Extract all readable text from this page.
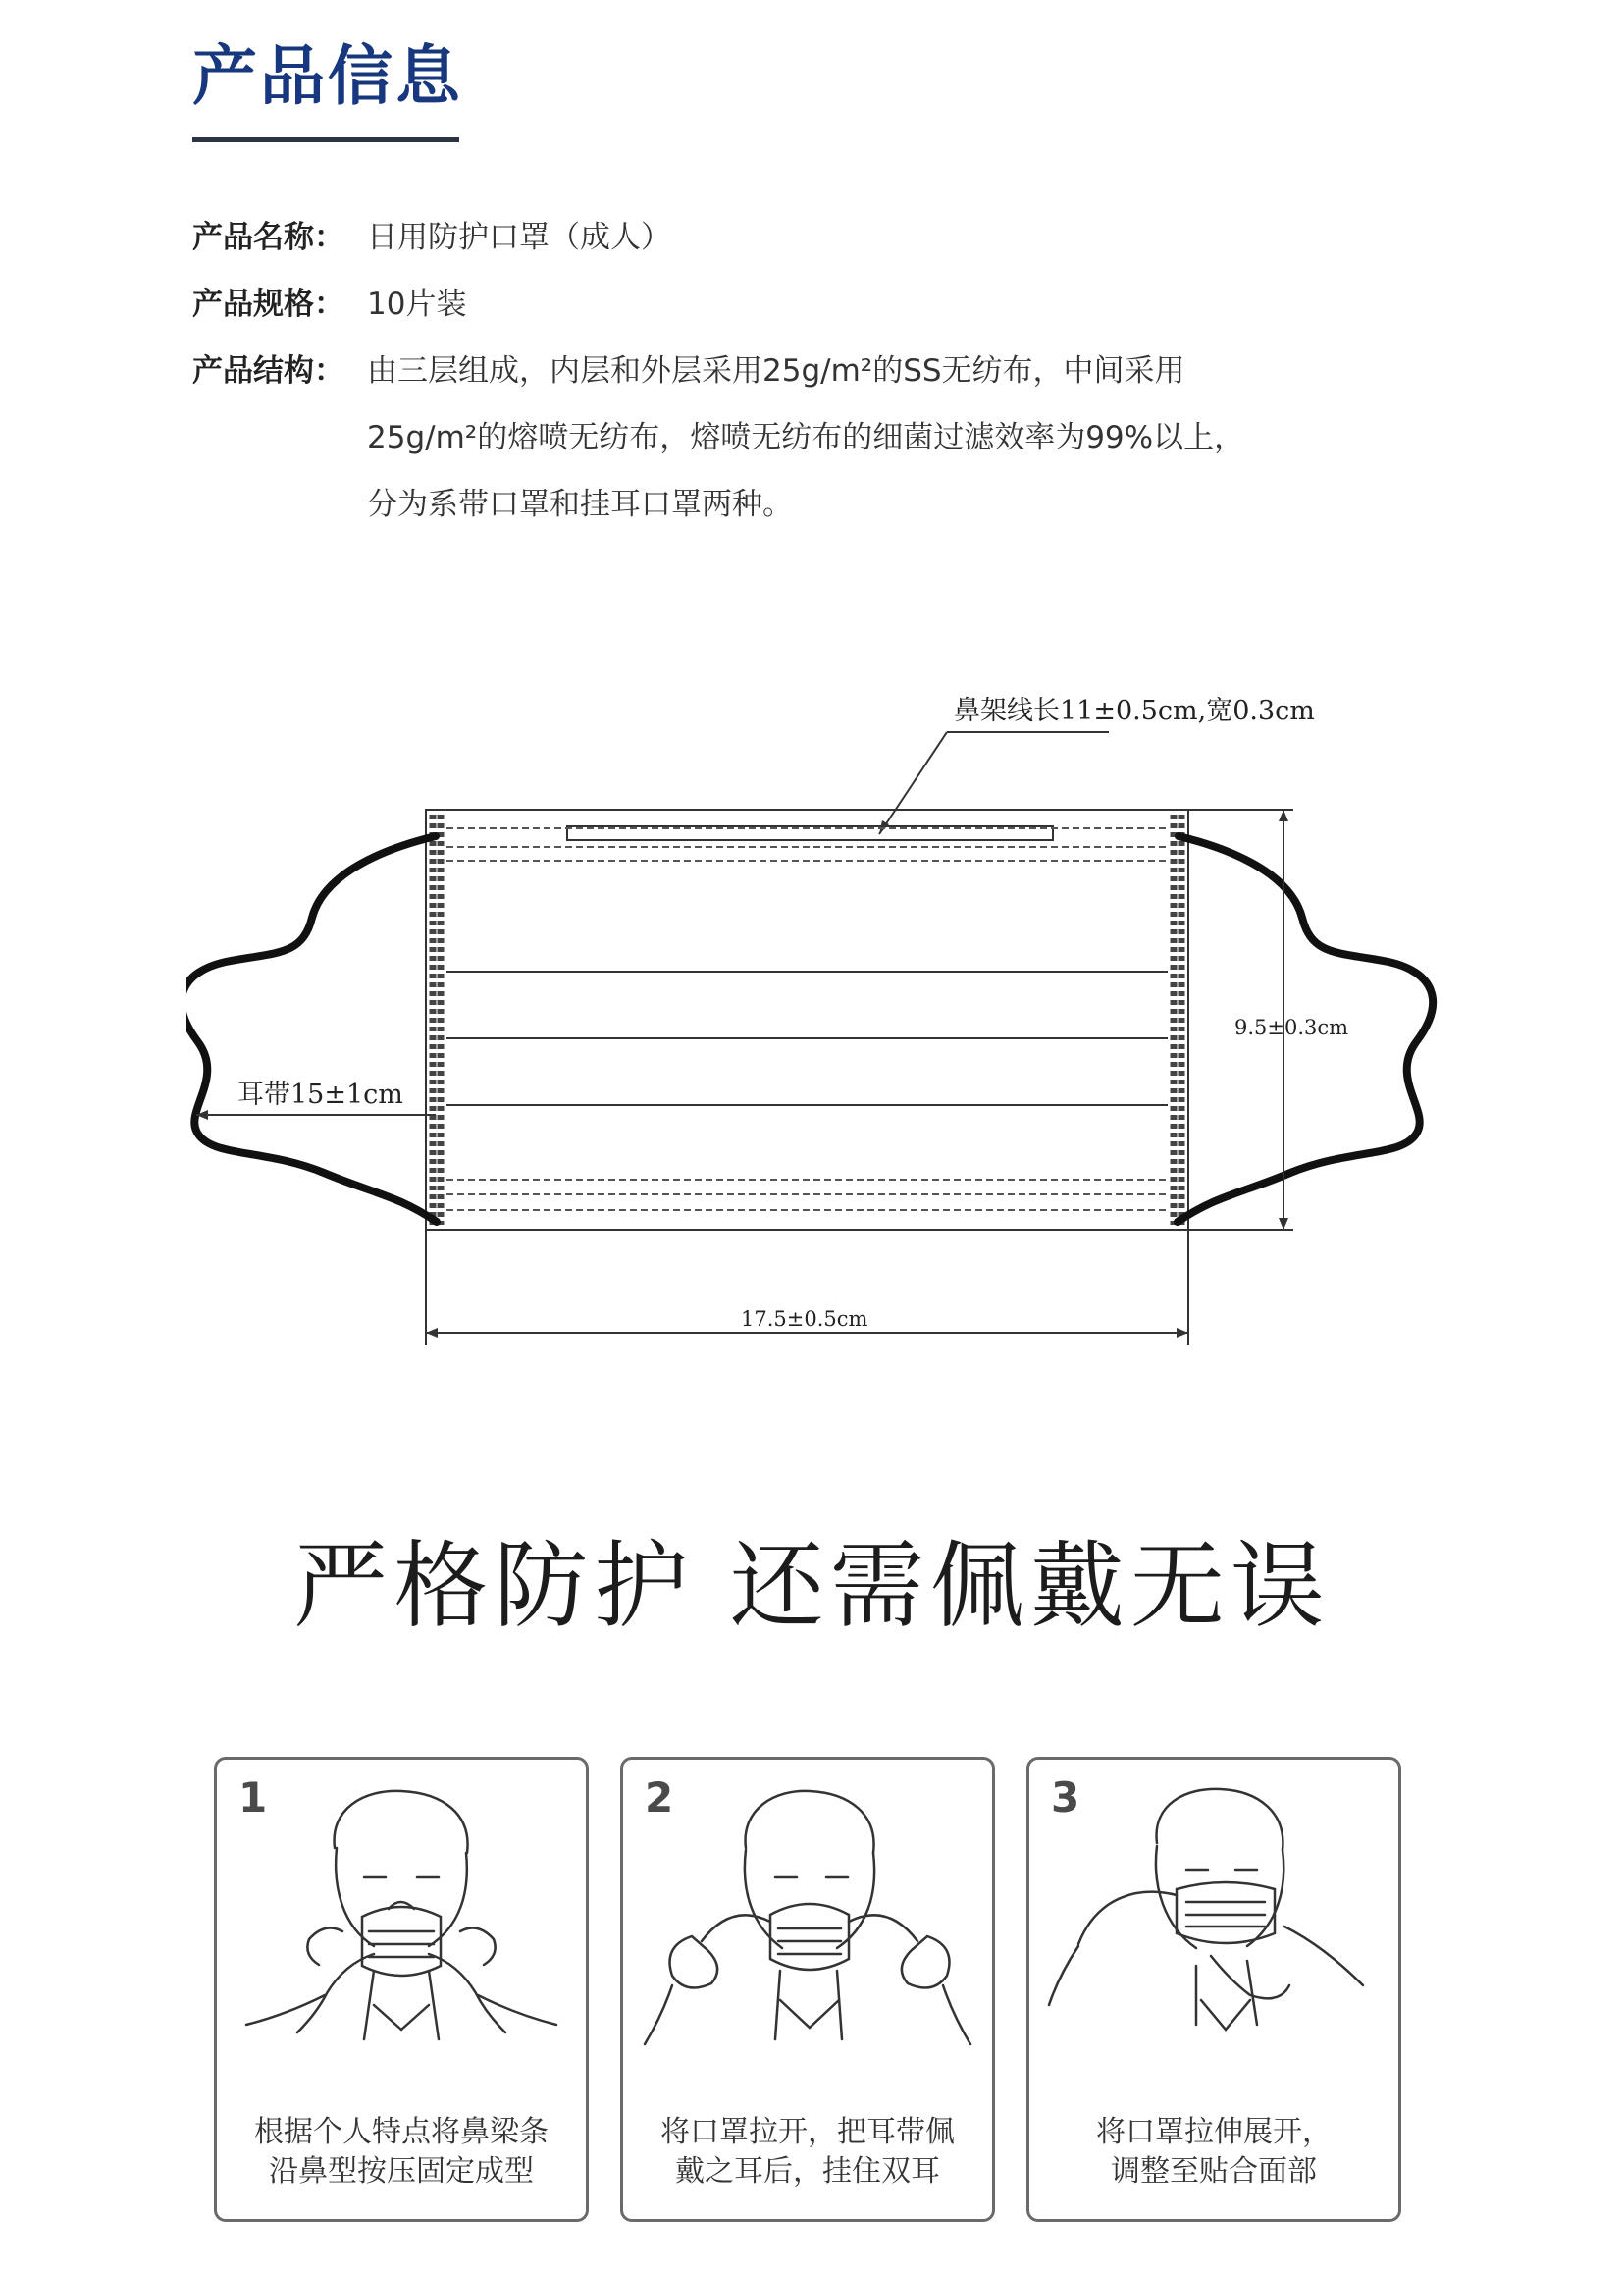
产品信息
产品名称： 日用防护口罩（成人）
产品规格： 10片装
产品结构： 由三层组成，内层和外层采用25g/m²的SS无纺布，中间采用
25g/m²的熔喷无纺布，熔喷无纺布的细菌过滤效率为99%以上，
分为系带口罩和挂耳口罩两种。
鼻架线长11±0.5cm,宽0.3cm
耳带15±1cm
9.5±0.3cm
17.5±0.5cm
严格防护 还需佩戴无误
1
根据个人特点将鼻梁条
沿鼻型按压固定成型
2
将口罩拉开，把耳带佩
戴之耳后，挂住双耳
3
将口罩拉伸展开，
调整至贴合面部
